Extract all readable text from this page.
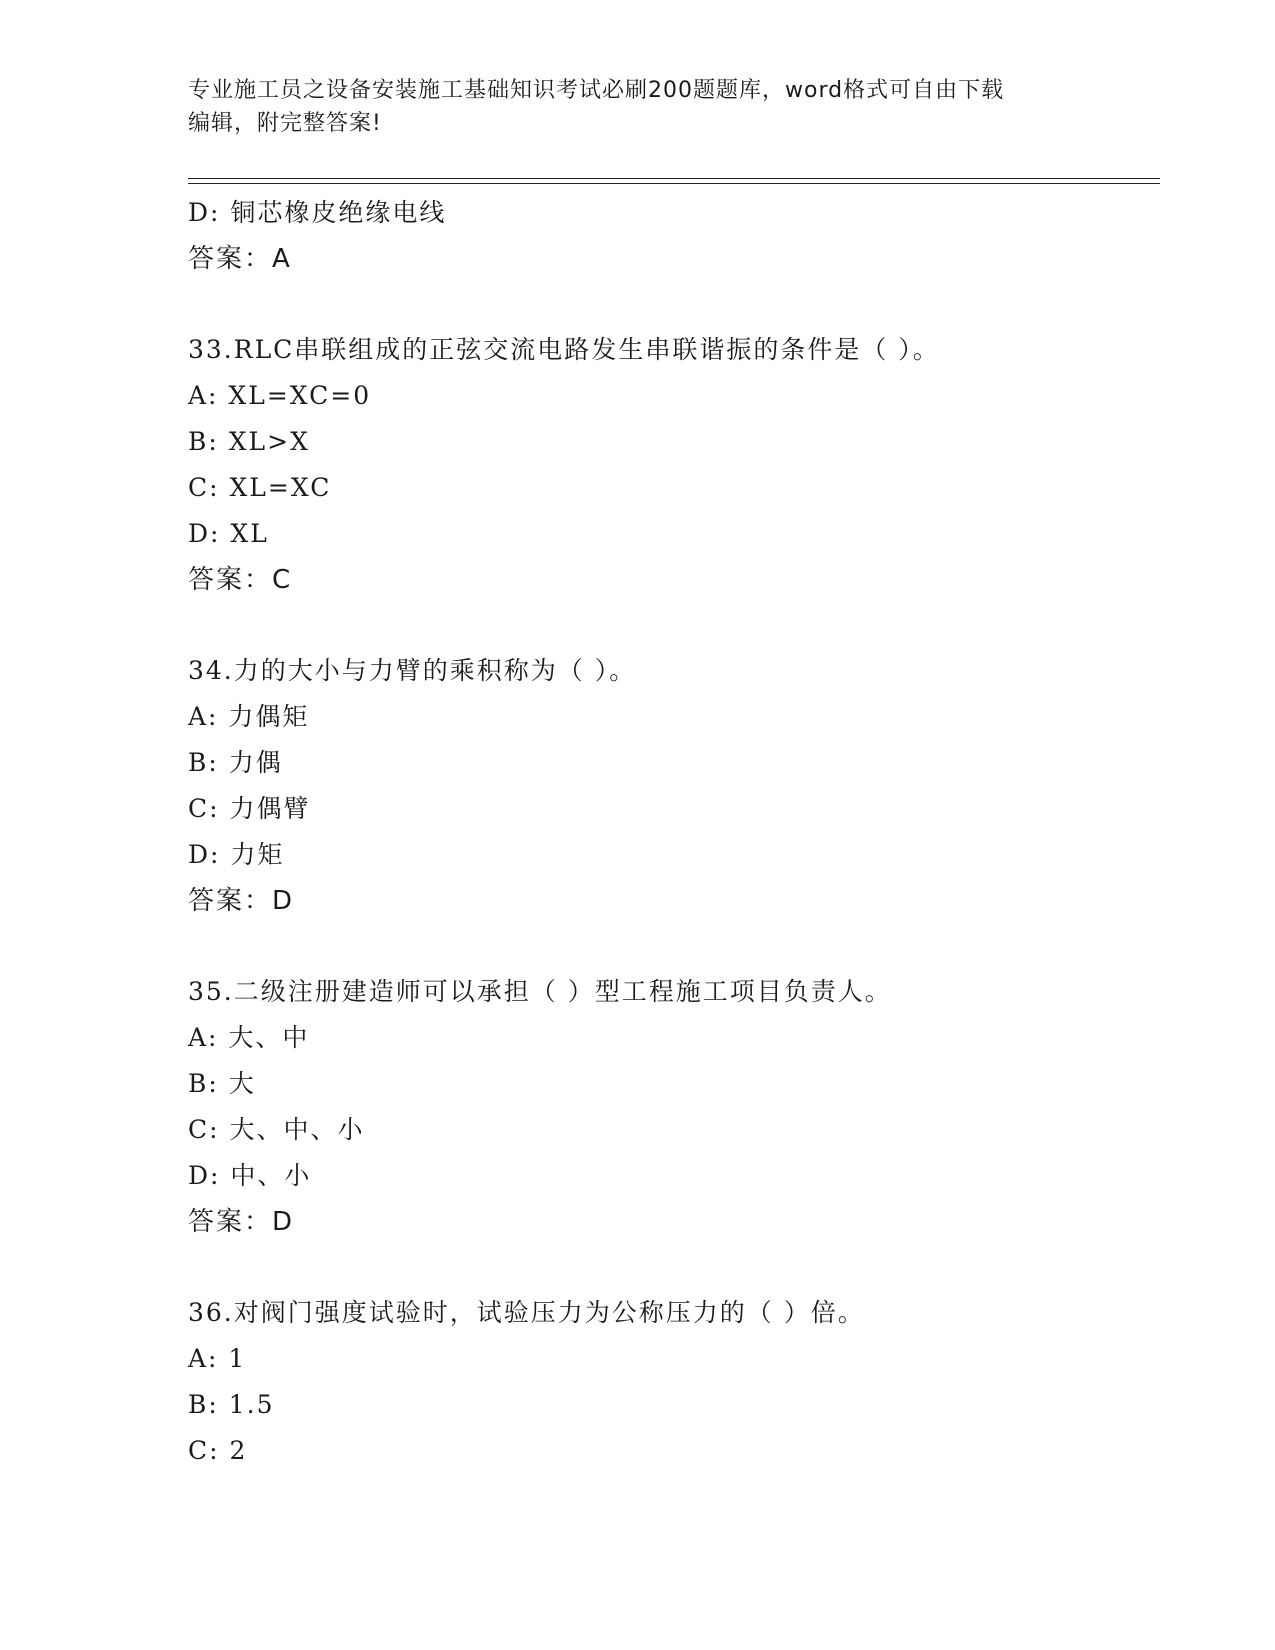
专业施工员之设备安装施工基础知识考试必刷200题题库，word格式可自由下载
编辑，附完整答案!
D: 铜芯橡皮绝缘电线
答案：A
33.RLC串联组成的正弦交流电路发生串联谐振的条件是（ ）。
A: XL=XC=0
B: XL>X
C: XL=XC
D: XL
答案：C
34.力的大小与力臂的乘积称为（ ）。
A: 力偶矩
B: 力偶
C: 力偶臂
D: 力矩
答案：D
35.二级注册建造师可以承担（ ）型工程施工项目负责人。
A: 大、中
B: 大
C: 大、中、小
D: 中、小
答案：D
36.对阀门强度试验时，试验压力为公称压力的（ ）倍。
A: 1
B: 1.5
C: 2
